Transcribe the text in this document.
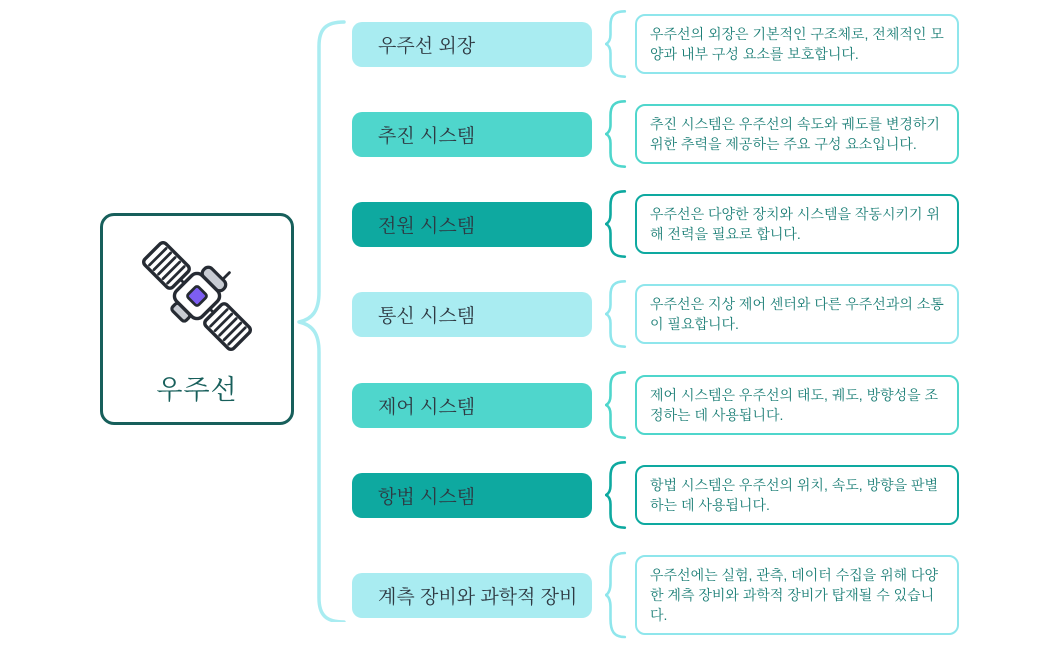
우주선
우주선 외장
우주선의 외장은 기본적인 구조체로, 전체적인 모양과 내부 구성 요소를 보호합니다.
추진 시스템
추진 시스템은 우주선의 속도와 궤도를 변경하기 위한 추력을 제공하는 주요 구성 요소입니다.
전원 시스템
우주선은 다양한 장치와 시스템을 작동시키기 위해 전력을 필요로 합니다.
통신 시스템
우주선은 지상 제어 센터와 다른 우주선과의 소통이 필요합니다.
제어 시스템
제어 시스템은 우주선의 태도, 궤도, 방향성을 조정하는 데 사용됩니다.
항법 시스템
항법 시스템은 우주선의 위치, 속도, 방향을 판별하는 데 사용됩니다.
계측 장비와 과학적 장비
우주선에는 실험, 관측, 데이터 수집을 위해 다양한 계측 장비와 과학적 장비가 탑재될 수 있습니다.
